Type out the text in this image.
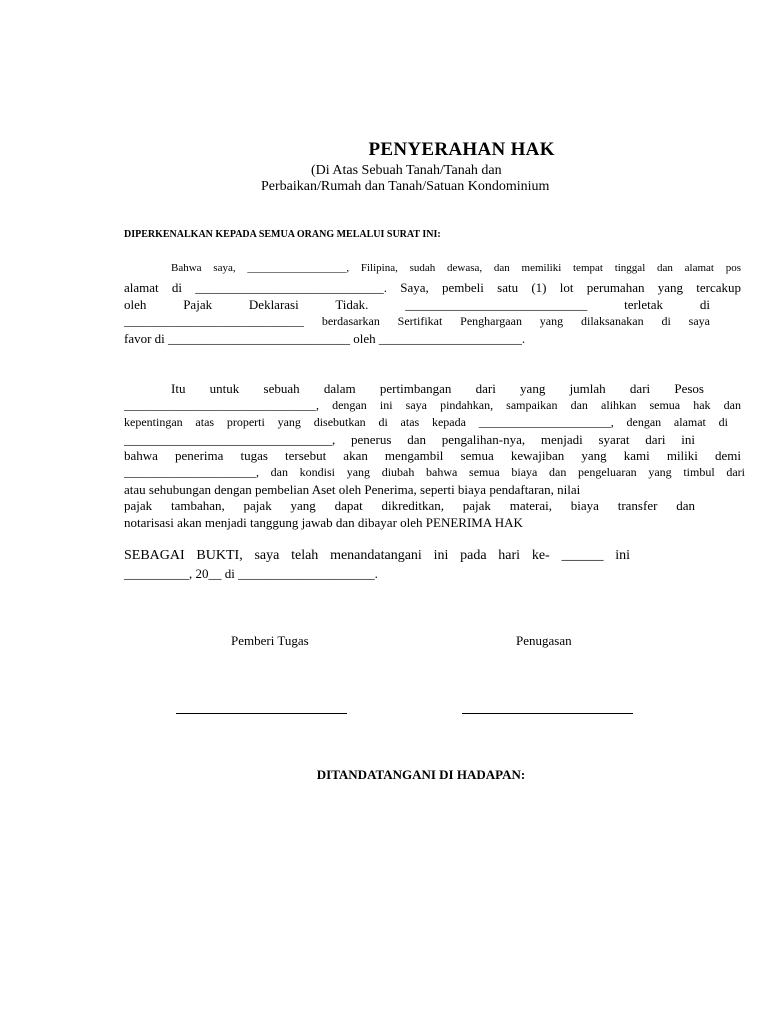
PENYERAHAN HAK
(Di Atas Sebuah Tanah/Tanah dan
Perbaikan/Rumah dan Tanah/Satuan Kondominium
DIPERKENALKAN KEPADA SEMUA ORANG MELALUI SURAT INI:
Bahwa saya, __________________, Filipina, sudah dewasa, dan memiliki tempat tinggal dan alamat pos
alamat di _____________________________. Saya, pembeli satu (1) lot perumahan yang tercakup
oleh Pajak Deklarasi Tidak. ____________________________ terletak di
______________________________ berdasarkan Sertifikat Penghargaan yang dilaksanakan di saya
favor di ____________________________ oleh ______________________.
Itu untuk sebuah dalam pertimbangan dari yang jumlah dari Pesos
________________________________, dengan ini saya pindahkan, sampaikan dan alihkan semua hak dan
kepentingan atas properti yang disebutkan di atas kepada ______________________, dengan alamat di
________________________________, penerus dan pengalihan-nya, menjadi syarat dari ini
bahwa penerima tugas tersebut akan mengambil semua kewajiban yang kami miliki demi
______________________, dan kondisi yang diubah bahwa semua biaya dan pengeluaran yang timbul dari
atau sehubungan dengan pembelian Aset oleh Penerima, seperti biaya pendaftaran, nilai
pajak tambahan, pajak yang dapat dikreditkan, pajak materai, biaya transfer dan
notarisasi akan menjadi tanggung jawab dan dibayar oleh PENERIMA HAK
SEBAGAI BUKTI, saya telah menandatangani ini pada hari ke- ______ ini
__________, 20__ di _____________________.
Pemberi Tugas	Penugasan
DITANDATANGANI DI HADAPAN:
